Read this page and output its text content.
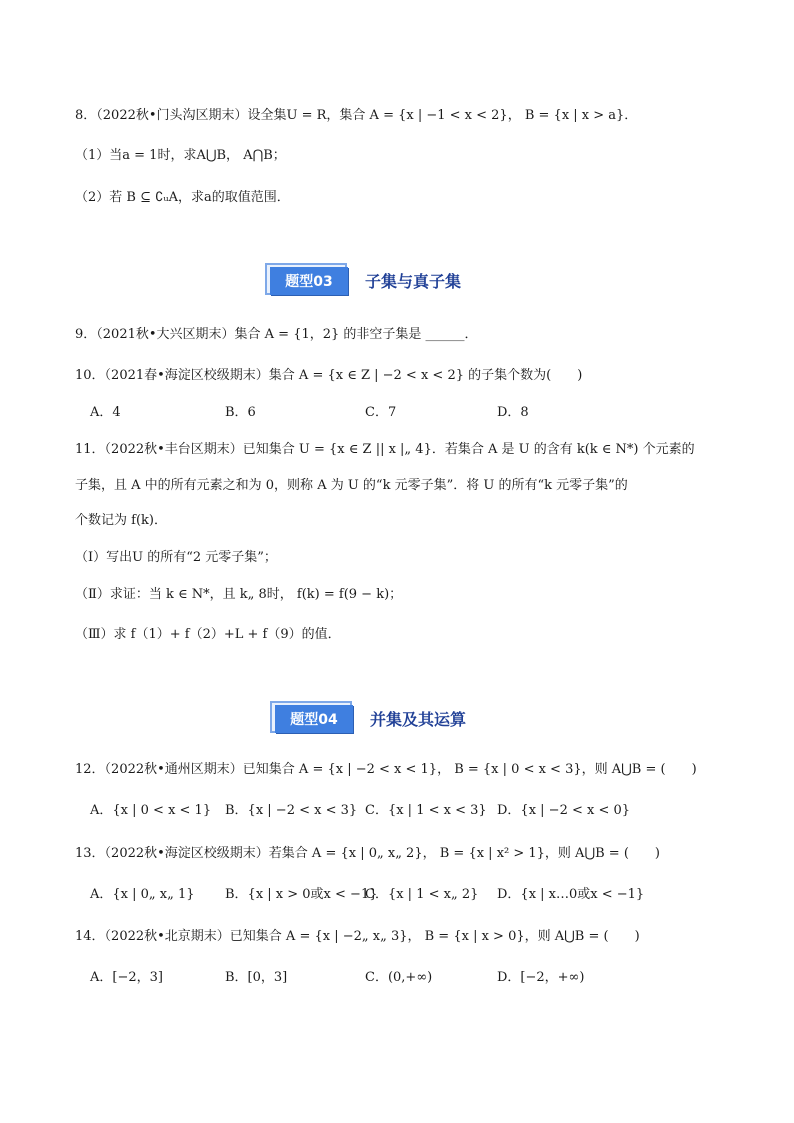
8．（2022秋•门头沟区期末）设全集U = R，集合 A = {x | −1 < x < 2}， B = {x | x > a}．
（1）当a = 1时，求A⋃B， A⋂B；
（2）若 B ⊆ ∁ᵤA，求a的取值范围．
题型03	子集与真子集
9．（2021秋•大兴区期末）集合 A = {1，2} 的非空子集是 ______．
10．（2021春•海淀区校级期末）集合 A = {x ∈ Z | −2 < x < 2} 的子集个数为(　　)
A．4	B．6	C．7	D．8
11．（2022秋•丰台区期末）已知集合 U = {x ∈ Z || x |„ 4}．若集合 A 是 U 的含有 k(k ∈ N*) 个元素的
子集，且 A 中的所有元素之和为 0，则称 A 为 U 的“k 元零子集”．将 U 的所有“k 元零子集”的
个数记为 f(k)．
（Ⅰ）写出U 的所有“2 元零子集”；
（Ⅱ）求证：当 k ∈ N*，且 k„ 8时， f(k) = f(9 − k)；
（Ⅲ）求 f（1）+ f（2）+L + f（9）的值．
题型04	并集及其运算
12．（2022秋•通州区期末）已知集合 A = {x | −2 < x < 1}， B = {x | 0 < x < 3}，则 A⋃B = (　　)
A．{x | 0 < x < 1} B．{x | −2 < x < 3} C．{x | 1 < x < 3} D．{x | −2 < x < 0}
13．（2022秋•海淀区校级期末）若集合 A = {x | 0„ x„ 2}， B = {x | x² > 1}，则 A⋃B = (　　)
A．{x | 0„ x„ 1} B．{x | x > 0或x < −1}
C．{x | 1 < x„ 2} D．{x | x…0或x < −1}
14．（2022秋•北京期末）已知集合 A = {x | −2„ x„ 3}， B = {x | x > 0}，则 A⋃B = (　　)
A．[−2，3]	B．[0，3]	C．(0,+∞)	D．[−2，+∞)
